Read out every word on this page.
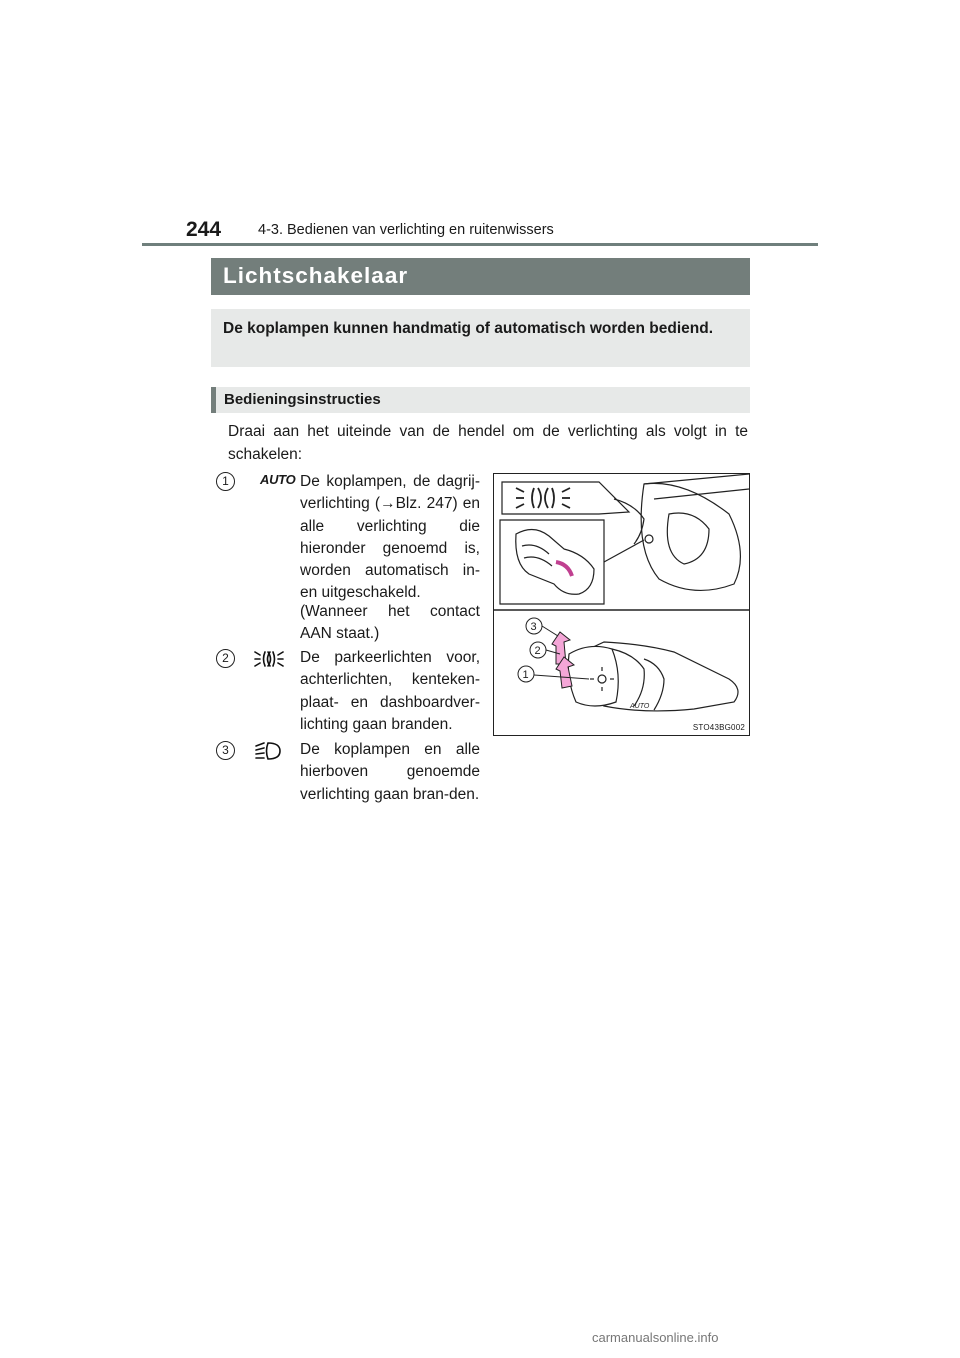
244	4-3. Bedienen van verlichting en ruitenwissers
Lichtschakelaar

De koplampen kunnen handmatig of automatisch worden bediend.

Bedieningsinstructies

Draai aan het uiteinde van de hendel om de verlichting als volgt in te schakelen:

1	AUTO De koplampen, de dagrij-verlichting (→Blz. 247) en alle verlichting die hieronder genoemd is, worden automatisch in- en uitgeschakeld.

(Wanneer het contact AAN staat.)

2	De parkeerlichten voor, achterlichten, kenteken-plaat- en dashboardver-lichting gaan branden.

3	De koplampen en alle hierboven genoemde verlichting gaan bran-den.

AUTO
3
2
1
STO43BG002
carmanualsonline.info
